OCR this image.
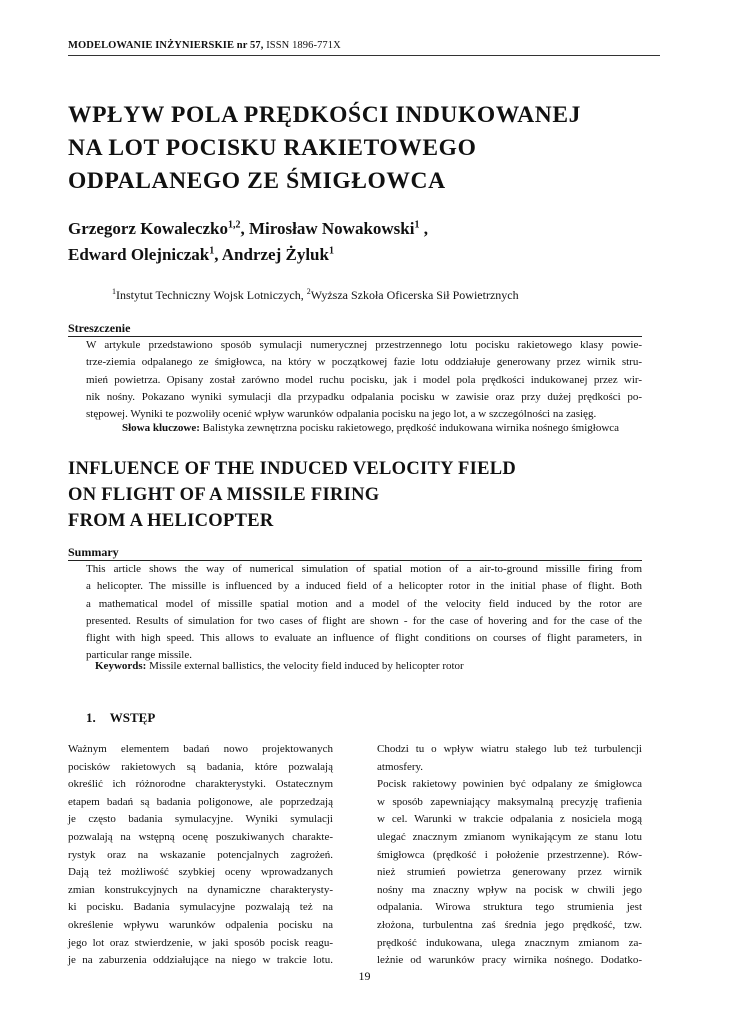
MODELOWANIE INŻYNIERSKIE nr 57, ISSN 1896-771X
WPŁYW POLA PRĘDKOŚCI INDUKOWANEJ
NA LOT POCISKU RAKIETOWEGO
ODPALANEGO ZE ŚMIGŁOWCA
Grzegorz Kowaleczko$^{1,2}$, Mirosław Nowakowski$^1$ ,
Edward Olejniczak$^1$, Andrzej Żyluk$^1$
$^1$Instytut Techniczny Wojsk Lotniczych, $^2$Wyższa Szkoła Oficerska Sił Powietrznych
Streszczenie
W artykule przedstawiono sposób symulacji numerycznej przestrzennego lotu pocisku rakietowego klasy powie-
trze-ziemia odpalanego ze śmigłowca, na który w początkowej fazie lotu oddziałuje generowany przez wirnik stru-
mień powietrza. Opisany został zarówno model ruchu pocisku, jak i model pola prędkości indukowanej przez wir-
nik nośny. Pokazano wyniki symulacji dla przypadku odpalania pocisku w zawisie oraz przy dużej prędkości po-
stępowej. Wyniki te pozwoliły ocenić wpływ warunków odpalania pocisku na jego lot, a w szczególności na zasięg.
Słowa kluczowe: Balistyka zewnętrzna pocisku rakietowego, prędkość indukowana wirnika nośnego śmigłowca
INFLUENCE OF THE INDUCED VELOCITY FIELD
ON FLIGHT OF A MISSILE FIRING
FROM A HELICOPTER
Summary
This article shows the way of numerical simulation of spatial motion of a air-to-ground missille firing from
a helicopter. The missille is influenced by a induced field of a helicopter rotor in the initial phase of flight. Both
a mathematical model of missille spatial motion and a model of the velocity field induced by the rotor are
presented. Results of simulation for two cases of flight are shown - for the case of hovering and for the case of the
flight with high speed. This allows to evaluate an influence of flight conditions on courses of flight parameters, in
particular range missile.
Keywords: Missile external ballistics, the velocity field induced by helicopter rotor
1. WSTĘP
Ważnym elementem badań nowo projektowanych
pocisków rakietowych są badania, które pozwalają
określić ich różnorodne charakterystyki. Ostatecznym
etapem badań są badania poligonowe, ale poprzedzają
je często badania symulacyjne. Wyniki symulacji
pozwalają na wstępną ocenę poszukiwanych charakte-
rystyk oraz na wskazanie potencjalnych zagrożeń.
Dają też możliwość szybkiej oceny wprowadzanych
zmian konstrukcyjnych na dynamiczne charakterysty-
ki pocisku. Badania symulacyjne pozwalają też na
określenie wpływu warunków odpalenia pocisku na
jego lot oraz stwierdzenie, w jaki sposób pocisk reagu-
je na zaburzenia oddziałujące na niego w trakcie lotu.
Chodzi tu o wpływ wiatru stałego lub też turbulencji
atmosfery.
Pocisk rakietowy powinien być odpalany ze śmigłowca
w sposób zapewniający maksymalną precyzję trafienia
w cel. Warunki w trakcie odpalania z nosiciela mogą
ulegać znacznym zmianom wynikającym ze stanu lotu
śmigłowca (prędkość i położenie przestrzenne). Rów-
nież strumień powietrza generowany przez wirnik
nośny ma znaczny wpływ na pocisk w chwili jego
odpalania. Wirowa struktura tego strumienia jest
złożona, turbulentna zaś średnia jego prędkość, tzw.
prędkość indukowana, ulega znacznym zmianom za-
leżnie od warunków pracy wirnika nośnego. Dodatko-
19
